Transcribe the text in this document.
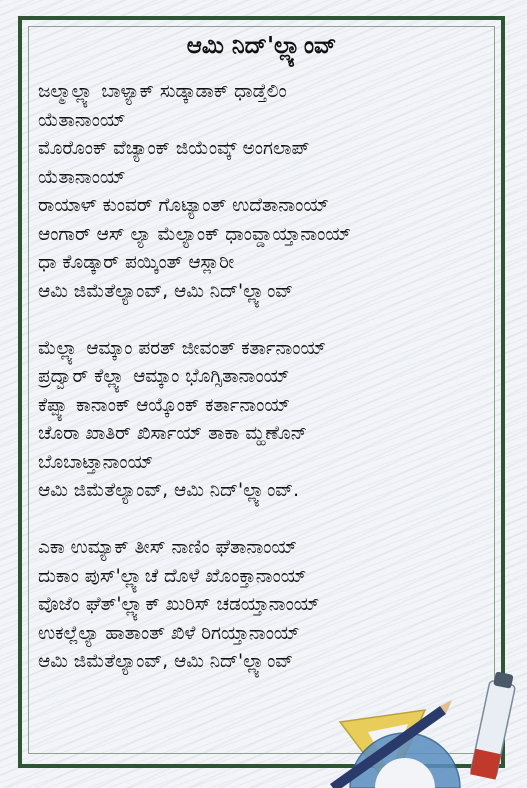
ಆಮಿ ನಿದ್'ಲ್ಲ್ಯಾಂವ್
ಜಲ್ಮಾಲ್ಲ್ಯಾ ಬಾಳ್ಯಾಕ್ ಸುಡ್ಕಾಡಾಕ್ ಧಾಡ್ತೆಲಿಂ
ಯೆತಾನಾಂಯ್
ಮೊರೊಂಕ್ ವೆಚ್ಯಾಂಕ್ ಜಿಯೆಂವ್ಕ್ ಅಂಗಲಾಪ್
ಯೆತಾನಾಂಯ್
ರಾಯಾಳ್ ಕುಂವರ್ ಗೊಟ್ಯಾಂತ್ ಉದೆತಾನಾಂಯ್
ಆಂಗಾರ್ ಆಸ್ ಲ್ಯಾ ಮೆಲ್ಯಾಂಕ್ ಧಾಂವ್ಡಾಯ್ತಾನಾಂಯ್
ಧಾ ಕೊಡ್ಕಾರ್ ಪಯ್ಕಿಂತ್ ಆಸ್ಲಾರೀ
ಆಮಿ ಜಿಮೆತೆಲ್ಯಾಂವ್, ಆಮಿ ನಿದ್'ಲ್ಲ್ಯಾಂವ್
ಮೆಲ್ಲ್ಯಾ ಆಮ್ಕಾಂ ಪರತ್ ಜೀವಂತ್ ಕರ್ತಾನಾಂಯ್
ಪ್ರದ್ವಾರ್ ಕೆಲ್ಲ್ಯಾ ಆಮ್ಕಾಂ ಭೊಗ್ಸಿತಾನಾಂಯ್
ಕೆಪ್ಪ್ಯಾ ಕಾನಾಂಕ್ ಆಯ್ಕೊಂಕ್ ಕರ್ತಾನಾಂಯ್
ಚೊರಾ ಖಾತಿರ್ ಖಿರ್ಸಾಯ್ ತಾಕಾ ಮ್ಹಣೊನ್
ಬೊಬಾಟ್ತಾನಾಂಯ್
ಆಮಿ ಜಿಮೆತೆಲ್ಯಾಂವ್, ಆಮಿ ನಿದ್'ಲ್ಲ್ಯಾಂವ್.
ಎಕಾ ಉಮ್ಯಾಕ್ ತೀಸ್ ನಾಣಿಂ ಘೆತಾನಾಂಯ್
ದುಕಾಂ ಪುಸ್'ಲ್ಲ್ಯಾಚೆ ದೊಳೆ ಖೊಂಕ್ತಾನಾಂಯ್
ವೊಜೆಂ ಘೆತ್'ಲ್ಲ್ಯಾಕ್ ಖುರಿಸ್ ಚಡಯ್ತಾನಾಂಯ್
ಉಕಲ್ಲೆಲ್ಯಾ ಹಾತಾಂತ್ ಖಿಳೆ ರಿಗಯ್ತಾನಾಂಯ್
ಆಮಿ ಜಿಮೆತೆಲ್ಯಾಂವ್, ಆಮಿ ನಿದ್'ಲ್ಲ್ಯಾಂವ್
